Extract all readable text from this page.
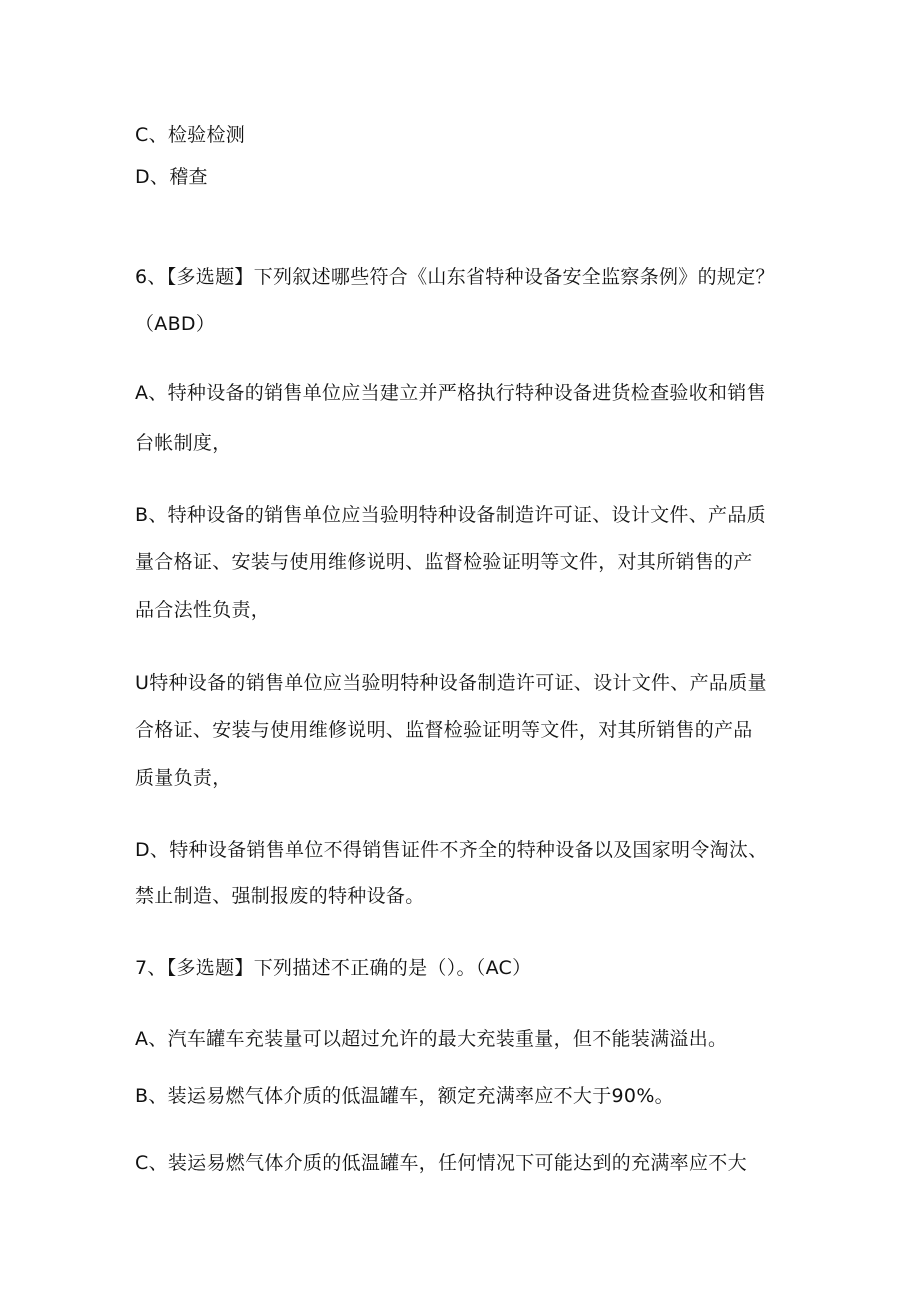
C、检验检测
D、稽查
6、【多选题】下列叙述哪些符合《山东省特种设备安全监察条例》的规定？
（ABD）
A、特种设备的销售单位应当建立并严格执行特种设备进货检查验收和销售
台帐制度，
B、特种设备的销售单位应当验明特种设备制造许可证、设计文件、产品质
量合格证、安装与使用维修说明、监督检验证明等文件，对其所销售的产
品合法性负责，
U特种设备的销售单位应当验明特种设备制造许可证、设计文件、产品质量
合格证、安装与使用维修说明、监督检验证明等文件，对其所销售的产品
质量负责，
D、特种设备销售单位不得销售证件不齐全的特种设备以及国家明令淘汰、
禁止制造、强制报废的特种设备。
7、【多选题】下列描述不正确的是（）。（AC）
A、汽车罐车充装量可以超过允许的最大充装重量，但不能装满溢出。
B、装运易燃气体介质的低温罐车，额定充满率应不大于90%。
C、装运易燃气体介质的低温罐车，任何情况下可能达到的充满率应不大
